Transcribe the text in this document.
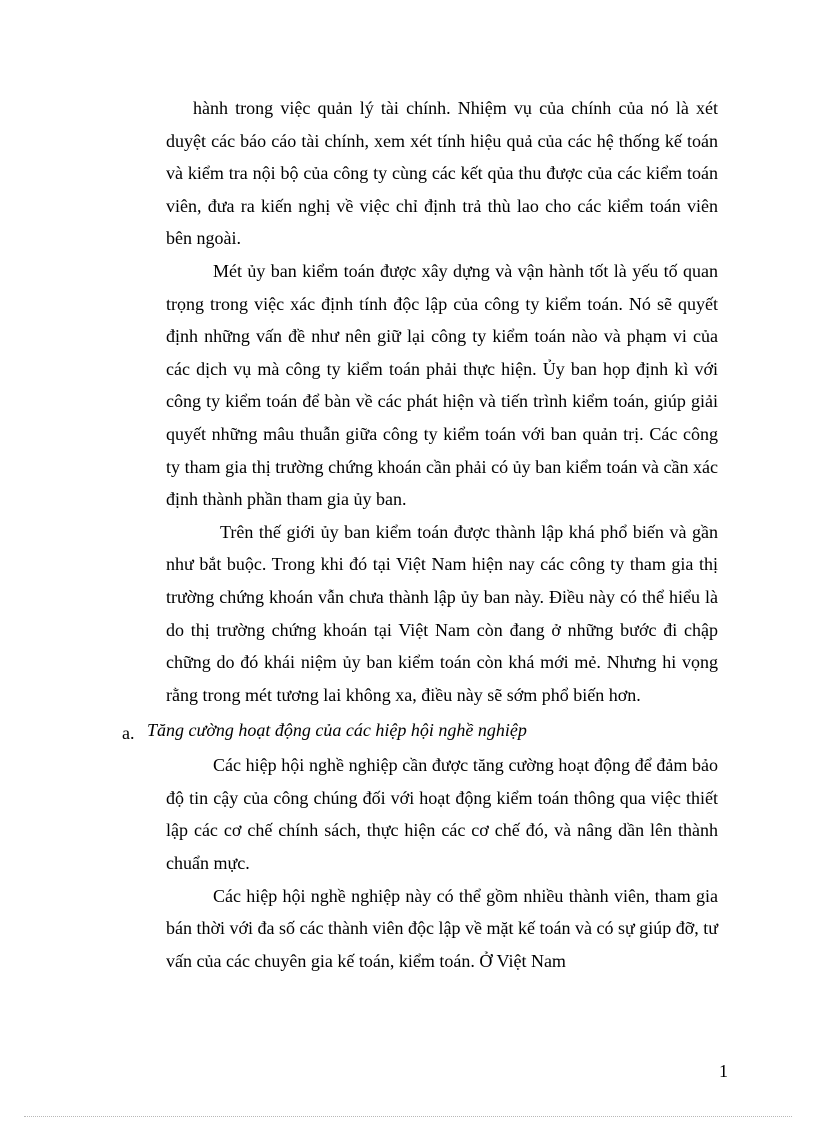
hành trong việc quản lý tài chính. Nhiệm vụ của chính của nó là xét duyệt các báo cáo tài chính, xem xét tính hiệu quả của các hệ thống kế toán và kiểm tra nội bộ của công ty cùng các kết qủa thu được của các kiểm toán viên, đưa ra kiến nghị về việc chỉ định trả thù lao cho các kiểm toán viên bên ngoài.

Mét ủy ban kiểm toán được xây dựng và vận hành tốt là yếu tố quan trọng trong việc xác định tính độc lập của công ty kiểm toán. Nó sẽ quyết định những vấn đề như nên giữ lại công ty kiểm toán nào và phạm vi của các dịch vụ mà công ty kiểm toán phải thực hiện. Ủy ban họp định kì với công ty kiểm toán để bàn về các phát hiện và tiến trình kiểm toán, giúp giải quyết những mâu thuẫn giữa công ty kiểm toán với ban quản trị. Các công ty tham gia thị trường chứng khoán cần phải có ủy ban kiểm toán và cần xác định thành phần tham gia ủy ban.

Trên thế giới ủy ban kiểm toán được thành lập khá phổ biến và gần như bắt buộc. Trong khi đó tại Việt Nam hiện nay các công ty tham gia thị trường chứng khoán vẫn chưa thành lập ủy ban này. Điều này có thể hiểu là do thị trường chứng khoán tại Việt Nam còn đang ở những bước đi chập chững do đó khái niệm ủy ban kiểm toán còn khá mới mẻ. Nhưng hi vọng rằng trong mét tương lai không xa, điều này sẽ sớm phổ biến hơn.

a. Tăng cường hoạt động của các hiệp hội nghề nghiệp

Các hiệp hội nghề nghiệp cần được tăng cường hoạt động để đảm bảo độ tin cậy của công chúng đối với hoạt động kiểm toán thông qua việc thiết lập các cơ chế chính sách, thực hiện các cơ chế đó, và nâng dần lên thành chuẩn mực.

Các hiệp hội nghề nghiệp này có thể gồm nhiều thành viên, tham gia bán thời với đa số các thành viên độc lập về mặt kế toán và có sự giúp đỡ, tư vấn của các chuyên gia kế toán, kiểm toán. Ở Việt Nam

1
